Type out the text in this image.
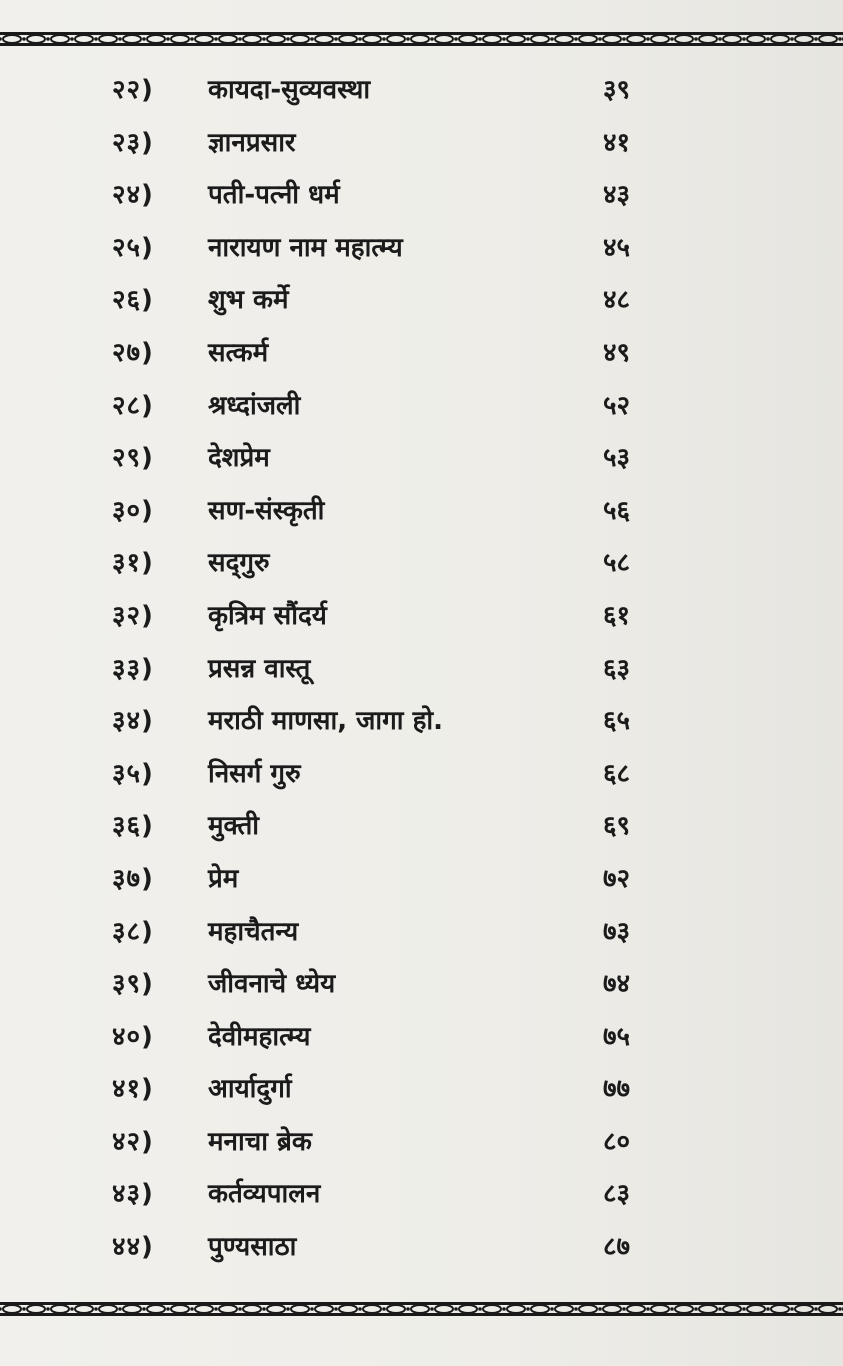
२२)	कायदा-सुव्यवस्था	३९
२३)	ज्ञानप्रसार	४१
२४)	पती-पत्नी धर्म	४३
२५)	नारायण नाम महात्म्य	४५
२६)	शुभ कर्मे	४८
२७)	सत्कर्म	४९
२८)	श्रध्दांजली	५२
२९)	देशप्रेम	५३
३०)	सण-संस्कृती	५६
३१)	सद्‌गुरु	५८
३२)	कृत्रिम सौंदर्य	६१
३३)	प्रसन्न वास्तू	६३
३४)	मराठी माणसा, जागा हो.	६५
३५)	निसर्ग गुरु	६८
३६)	मुक्ती	६९
३७)	प्रेम	७२
३८)	महाचैतन्य	७३
३९)	जीवनाचे ध्येय	७४
४०)	देवीमहात्म्य	७५
४१)	आर्यादुर्गा	७७
४२)	मनाचा ब्रेक	८०
४३)	कर्तव्यपालन	८३
४४)	पुण्यसाठा	८७
